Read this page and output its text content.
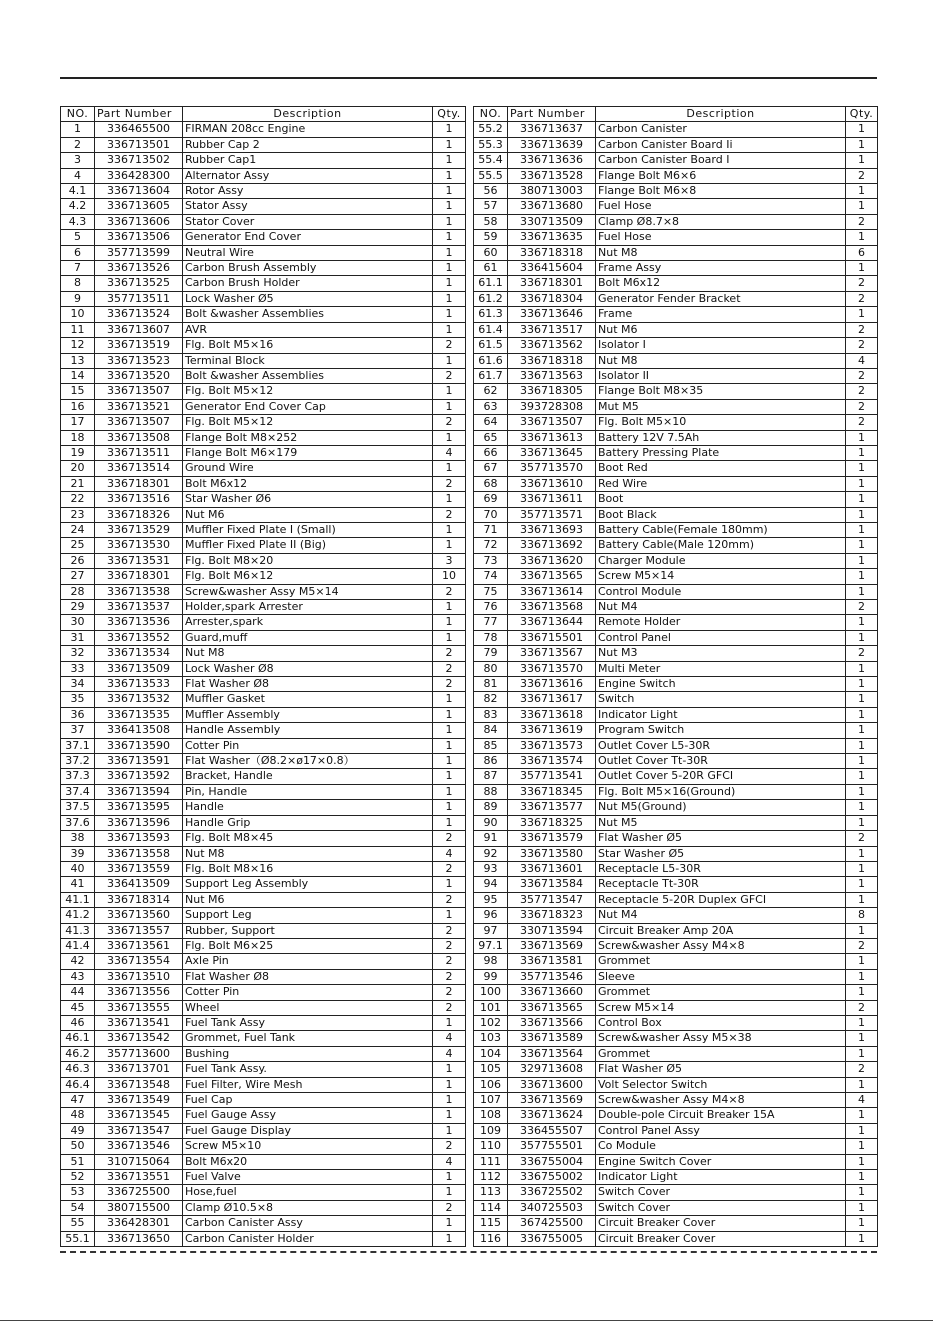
NO.	Part Number	Description	Qty.
1	336465500	FIRMAN 208cc Engine	1
2	336713501	Rubber Cap 2	1
3	336713502	Rubber Cap1	1
4	336428300	Alternator Assy	1
4.1	336713604	Rotor Assy	1
4.2	336713605	Stator Assy	1
4.3	336713606	Stator Cover	1
5	336713506	Generator End Cover	1
6	357713599	Neutral Wire	1
7	336713526	Carbon Brush Assembly	1
8	336713525	Carbon Brush Holder	1
9	357713511	Lock Washer Ø5	1
10	336713524	Bolt &washer Assemblies	1
11	336713607	AVR	1
12	336713519	Flg. Bolt M5×16	2
13	336713523	Terminal Block	1
14	336713520	Bolt &washer Assemblies	2
15	336713507	Flg. Bolt M5×12	1
16	336713521	Generator End Cover Cap	1
17	336713507	Flg. Bolt M5×12	2
18	336713508	Flange Bolt M8×252	1
19	336713511	Flange Bolt M6×179	4
20	336713514	Ground Wire	1
21	336718301	Bolt M6x12	2
22	336713516	Star Washer Ø6	1
23	336718326	Nut M6	2
24	336713529	Muffler Fixed Plate I (Small)	1
25	336713530	Muffler Fixed Plate II (Big)	1
26	336713531	Flg. Bolt M8×20	3
27	336718301	Flg. Bolt M6×12	10
28	336713538	Screw&washer Assy M5×14	2
29	336713537	Holder,spark Arrester	1
30	336713536	Arrester,spark	1
31	336713552	Guard,muff	1
32	336713534	Nut M8	2
33	336713509	Lock Washer Ø8	2
34	336713533	Flat Washer Ø8	2
35	336713532	Muffler Gasket	1
36	336713535	Muffler Assembly	1
37	336413508	Handle Assembly	1
37.1	336713590	Cotter Pin	1
37.2	336713591	Flat Washer（Ø8.2×ø17×0.8）	1
37.3	336713592	Bracket, Handle	1
37.4	336713594	Pin, Handle	1
37.5	336713595	Handle	1
37.6	336713596	Handle Grip	1
38	336713593	Flg. Bolt M8×45	2
39	336713558	Nut M8	4
40	336713559	Flg. Bolt M8×16	2
41	336413509	Support Leg Assembly	1
41.1	336718314	Nut M6	2
41.2	336713560	Support Leg	1
41.3	336713557	Rubber, Support	2
41.4	336713561	Flg. Bolt M6×25	2
42	336713554	Axle Pin	2
43	336713510	Flat Washer Ø8	2
44	336713556	Cotter Pin	2
45	336713555	Wheel	2
46	336713541	Fuel Tank Assy	1
46.1	336713542	Grommet, Fuel Tank	4
46.2	357713600	Bushing	4
46.3	336713701	Fuel Tank Assy.	1
46.4	336713548	Fuel Filter, Wire Mesh	1
47	336713549	Fuel Cap	1
48	336713545	Fuel Gauge Assy	1
49	336713547	Fuel Gauge Display	1
50	336713546	Screw M5×10	2
51	310715064	Bolt M6x20	4
52	336713551	Fuel Valve	1
53	336725500	Hose,fuel	1
54	380715500	Clamp Ø10.5×8	2
55	336428301	Carbon Canister Assy	1
55.1	336713650	Carbon Canister Holder	1
NO.	Part Number	Description	Qty.
55.2	336713637	Carbon Canister	1
55.3	336713639	Carbon Canister Board Ii	1
55.4	336713636	Carbon Canister Board I	1
55.5	336713528	Flange Bolt M6×6	2
56	380713003	Flange Bolt M6×8	1
57	336713680	Fuel Hose	1
58	330713509	Clamp Ø8.7×8	2
59	336713635	Fuel Hose	1
60	336718318	Nut M8	6
61	336415604	Frame Assy	1
61.1	336718301	Bolt M6x12	2
61.2	336718304	Generator Fender Bracket	2
61.3	336713646	Frame	1
61.4	336713517	Nut M6	2
61.5	336713562	Isolator I	2
61.6	336718318	Nut M8	4
61.7	336713563	Isolator II	2
62	336718305	Flange Bolt M8×35	2
63	393728308	Mut M5	2
64	336713507	Flg. Bolt M5×10	2
65	336713613	Battery 12V 7.5Ah	1
66	336713645	Battery Pressing Plate	1
67	357713570	Boot Red	1
68	336713610	Red Wire	1
69	336713611	Boot	1
70	357713571	Boot Black	1
71	336713693	Battery Cable(Female 180mm)	1
72	336713692	Battery Cable(Male 120mm)	1
73	336713620	Charger Module	1
74	336713565	Screw M5×14	1
75	336713614	Control Module	1
76	336713568	Nut M4	2
77	336713644	Remote Holder	1
78	336715501	Control Panel	1
79	336713567	Nut M3	2
80	336713570	Multi Meter	1
81	336713616	Engine Switch	1
82	336713617	Switch	1
83	336713618	Indicator Light	1
84	336713619	Program Switch	1
85	336713573	Outlet Cover L5-30R	1
86	336713574	Outlet Cover Tt-30R	1
87	357713541	Outlet Cover 5-20R GFCI	1
88	336718345	Flg. Bolt M5×16(Ground)	1
89	336713577	Nut M5(Ground)	1
90	336718325	Nut M5	1
91	336713579	Flat Washer Ø5	2
92	336713580	Star Washer Ø5	1
93	336713601	Receptacle L5-30R	1
94	336713584	Receptacle Tt-30R	1
95	357713547	Receptacle 5-20R Duplex GFCI	1
96	336718323	Nut M4	8
97	330713594	Circuit Breaker Amp 20A	1
97.1	336713569	Screw&washer Assy M4×8	2
98	336713581	Grommet	1
99	357713546	Sleeve	1
100	336713660	Grommet	1
101	336713565	Screw M5×14	2
102	336713566	Control Box	1
103	336713589	Screw&washer Assy M5×38	1
104	336713564	Grommet	1
105	329713608	Flat Washer Ø5	2
106	336713600	Volt Selector Switch	1
107	336713569	Screw&washer Assy M4×8	4
108	336713624	Double-pole Circuit Breaker 15A	1
109	336455507	Control Panel Assy	1
110	357755501	Co Module	1
111	336755004	Engine Switch Cover	1
112	336755002	Indicator Light	1
113	336725502	Switch Cover	1
114	340725503	Switch Cover	1
115	367425500	Circuit Breaker Cover	1
116	336755005	Circuit Breaker Cover	1
